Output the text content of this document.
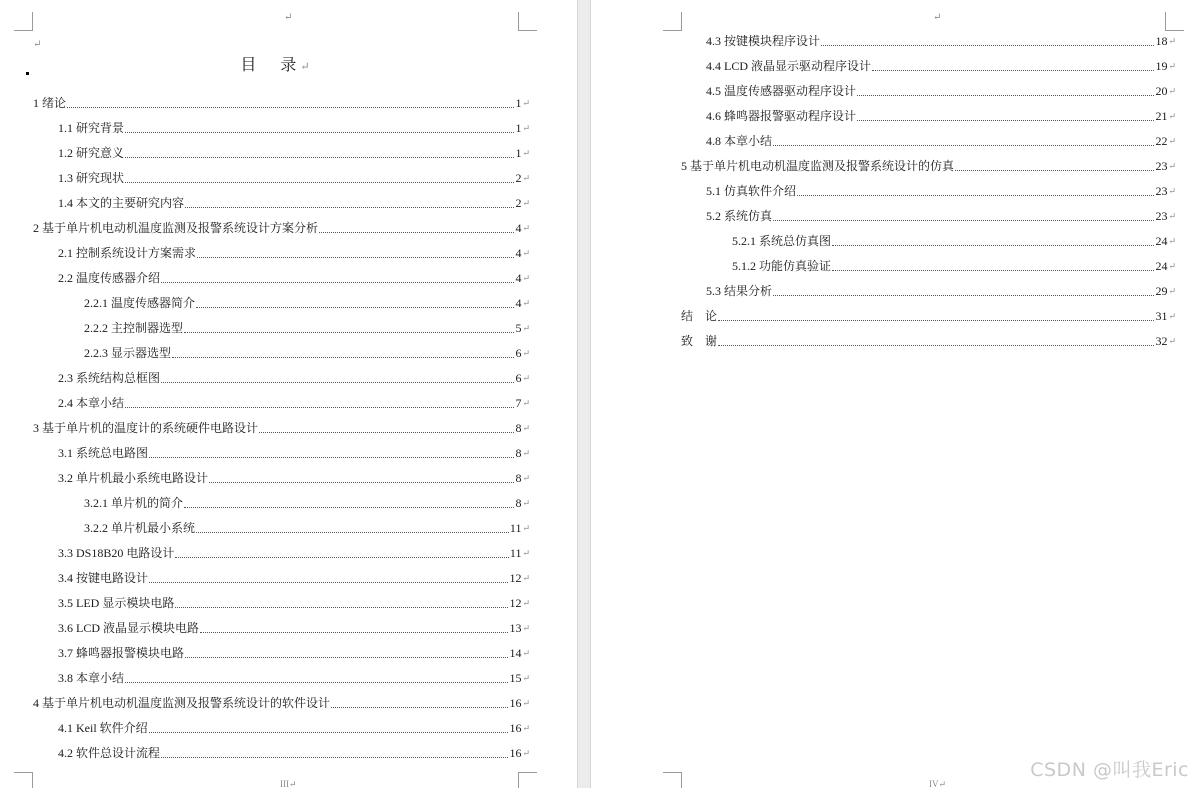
↵
↵
目　录↵
1 绪论	1 ↵
1.1 研究背景	1 ↵
1.2 研究意义	1 ↵
1.3 研究现状	2 ↵
1.4 本文的主要研究内容	2 ↵
2 基于单片机电动机温度监测及报警系统设计方案分析	4 ↵
2.1 控制系统设计方案需求	4 ↵
2.2 温度传感器介绍	4 ↵
2.2.1 温度传感器简介	4 ↵
2.2.2 主控制器选型	5 ↵
2.2.3 显示器选型	6 ↵
2.3 系统结构总框图	6 ↵
2.4 本章小结	7 ↵
3 基于单片机的温度计的系统硬件电路设计	8 ↵
3.1 系统总电路图	8 ↵
3.2 单片机最小系统电路设计	8 ↵
3.2.1 单片机的简介	8 ↵
3.2.2 单片机最小系统	11 ↵
3.3 DS18B20 电路设计	11 ↵
3.4 按键电路设计	12 ↵
3.5 LED 显示模块电路	12 ↵
3.6 LCD 液晶显示模块电路	13 ↵
3.7 蜂鸣器报警模块电路	14 ↵
3.8 本章小结	15 ↵
4 基于单片机电动机温度监测及报警系统设计的软件设计	16 ↵
4.1 Keil 软件介绍	16 ↵
4.2 软件总设计流程	16 ↵
III↵
↵
4.3 按键模块程序设计	18 ↵
4.4 LCD 液晶显示驱动程序设计	19 ↵
4.5 温度传感器驱动程序设计	20 ↵
4.6 蜂鸣器报警驱动程序设计	21 ↵
4.8 本章小结	22 ↵
5 基于单片机电动机温度监测及报警系统设计的仿真	23 ↵
5.1 仿真软件介绍	23 ↵
5.2 系统仿真	23 ↵
5.2.1 系统总仿真图	24 ↵
5.1.2 功能仿真验证	24 ↵
5.3 结果分析	29 ↵
结　论	31 ↵
致　谢	32 ↵
IV↵
CSDN @叫我Eric
